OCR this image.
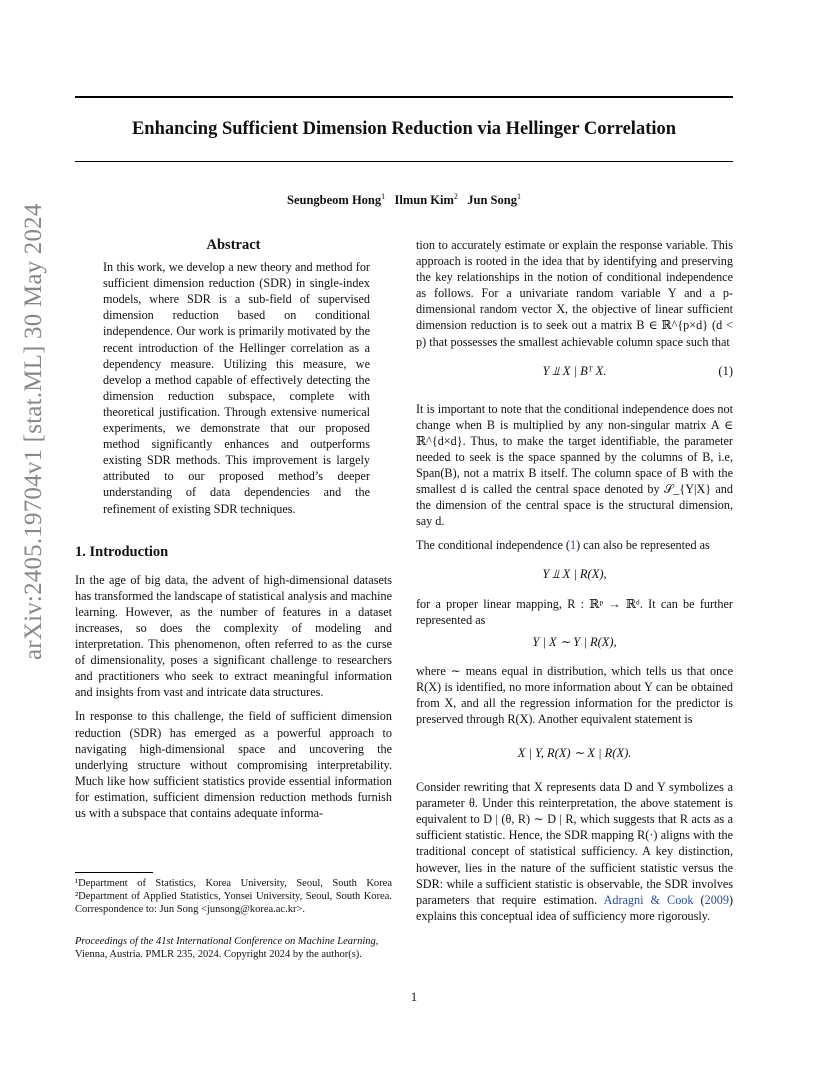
arXiv:2405.19704v1 [stat.ML] 30 May 2024
Enhancing Sufficient Dimension Reduction via Hellinger Correlation
Seungbeom Hong$^1$ Ilmun Kim$^2$ Jun Song$^1$
Abstract

In this work, we develop a new theory and method for sufficient dimension reduction (SDR) in single-index models, where SDR is a sub-field of supervised dimension reduction based on conditional independence. Our work is primarily motivated by the recent introduction of the Hellinger correlation as a dependency measure. Utilizing this measure, we develop a method capable of effectively detecting the dimension reduction subspace, complete with theoretical justification. Through extensive numerical experiments, we demonstrate that our proposed method significantly enhances and outperforms existing SDR methods. This improvement is largely attributed to our proposed method’s deeper understanding of data dependencies and the refinement of existing SDR techniques.

1. Introduction

In the age of big data, the advent of high-dimensional datasets has transformed the landscape of statistical analysis and machine learning. However, as the number of features in a dataset increases, so does the complexity of modeling and interpretation. This phenomenon, often referred to as the curse of dimensionality, poses a significant challenge to researchers and practitioners who seek to extract meaningful information and insights from vast and intricate data structures.

In response to this challenge, the field of sufficient dimension reduction (SDR) has emerged as a powerful approach to navigating high-dimensional space and uncovering the underlying structure without compromising interpretability. Much like how sufficient statistics provide essential information for estimation, sufficient dimension reduction methods furnish us with a subspace that contains adequate informa-

tion to accurately estimate or explain the response variable. This approach is rooted in the idea that by identifying and preserving the key relationships in the notion of conditional independence as follows. For a univariate random variable Y and a p-dimensional random vector X, the objective of linear sufficient dimension reduction is to seek out a matrix B ∈ ℝ^{p×d} (d < p) that possesses the smallest achievable column space such that

Y ⫫ X | Bᵀ X.	(1)

It is important to note that the conditional independence does not change when B is multiplied by any non-singular matrix A ∈ ℝ^{d×d}. Thus, to make the target identifiable, the parameter needed to seek is the space spanned by the columns of B, i.e, Span(B), not a matrix B itself. The column space of B with the smallest d is called the central space denoted by 𝒮_{Y|X} and the dimension of the central space is the structural dimension, say d.

The conditional independence (1) can also be represented as

Y ⫫ X | R(X),

for a proper linear mapping, R : ℝᵖ → ℝᵈ. It can be further represented as

Y | X ∼ Y | R(X),

where ∼ means equal in distribution, which tells us that once R(X) is identified, no more information about Y can be obtained from X, and all the regression information for the predictor is preserved through R(X). Another equivalent statement is

X | Y, R(X) ∼ X | R(X).

Consider rewriting that X represents data D and Y symbolizes a parameter θ. Under this reinterpretation, the above statement is equivalent to D | (θ, R) ∼ D | R, which suggests that R acts as a sufficient statistic. Hence, the SDR mapping R(·) aligns with the traditional concept of statistical sufficiency. A key distinction, however, lies in the nature of the sufficient statistic versus the SDR: while a sufficient statistic is observable, the SDR involves parameters that require estimation. Adragni & Cook (2009) explains this conceptual idea of sufficiency more rigorously.

¹Department of Statistics, Korea University, Seoul, South Korea ²Department of Applied Statistics, Yonsei University, Seoul, South Korea. Correspondence to: Jun Song <junsong@korea.ac.kr>.

Proceedings of the 41st International Conference on Machine Learning, Vienna, Austria. PMLR 235, 2024. Copyright 2024 by the author(s).

1
